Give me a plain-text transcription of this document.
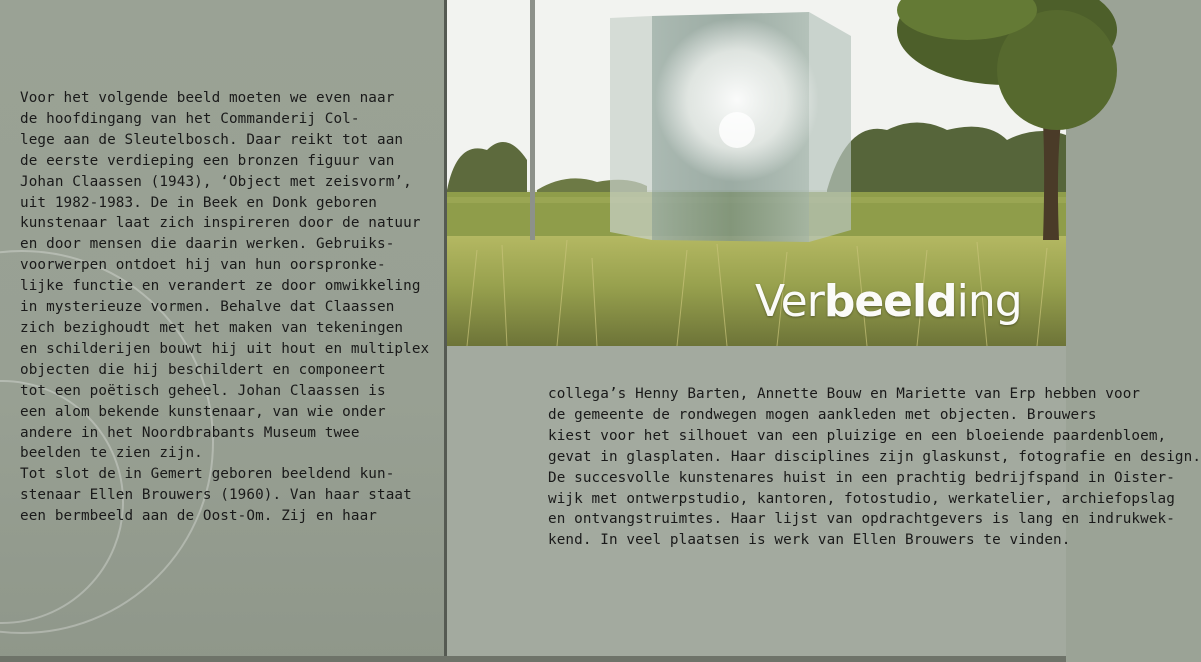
Voor het volgende beeld moeten we even naar
de hoofdingang van het Commanderij Col-
lege aan de Sleutelbosch. Daar reikt tot aan
de eerste verdieping een bronzen figuur van
Johan Claassen (1943), ‘Object met zeisvorm’,
uit 1982-1983. De in Beek en Donk geboren
kunstenaar laat zich inspireren door de natuur
en door mensen die daarin werken. Gebruiks-
voorwerpen ontdoet hij van hun oorspronke-
lijke functie en verandert ze door omwikkeling
in mysterieuze vormen. Behalve dat Claassen
zich bezighoudt met het maken van tekeningen
en schilderijen bouwt hij uit hout en multiplex
objecten die hij beschildert en componeert
tot een poëtisch geheel. Johan Claassen is
een alom bekende kunstenaar, van wie onder
andere in het Noordbrabants Museum twee
beelden te zien zijn.
Tot slot de in Gemert geboren beeldend kun-
stenaar Ellen Brouwers (1960). Van haar staat
een bermbeeld aan de Oost-Om. Zij en haar
Verbeelding
collega’s Henny Barten, Annette Bouw en Mariette van Erp hebben voor
de gemeente de rondwegen mogen aankleden met objecten. Brouwers
kiest voor het silhouet van een pluizige en een bloeiende paardenbloem,
gevat in glasplaten. Haar disciplines zijn glaskunst, fotografie en design.
De succesvolle kunstenares huist in een prachtig bedrijfspand in Oister-
wijk met ontwerpstudio, kantoren, fotostudio, werkatelier, archiefopslag
en ontvangstruimtes. Haar lijst van opdrachtgevers is lang en indrukwek-
kend. In veel plaatsen is werk van Ellen Brouwers te vinden.
